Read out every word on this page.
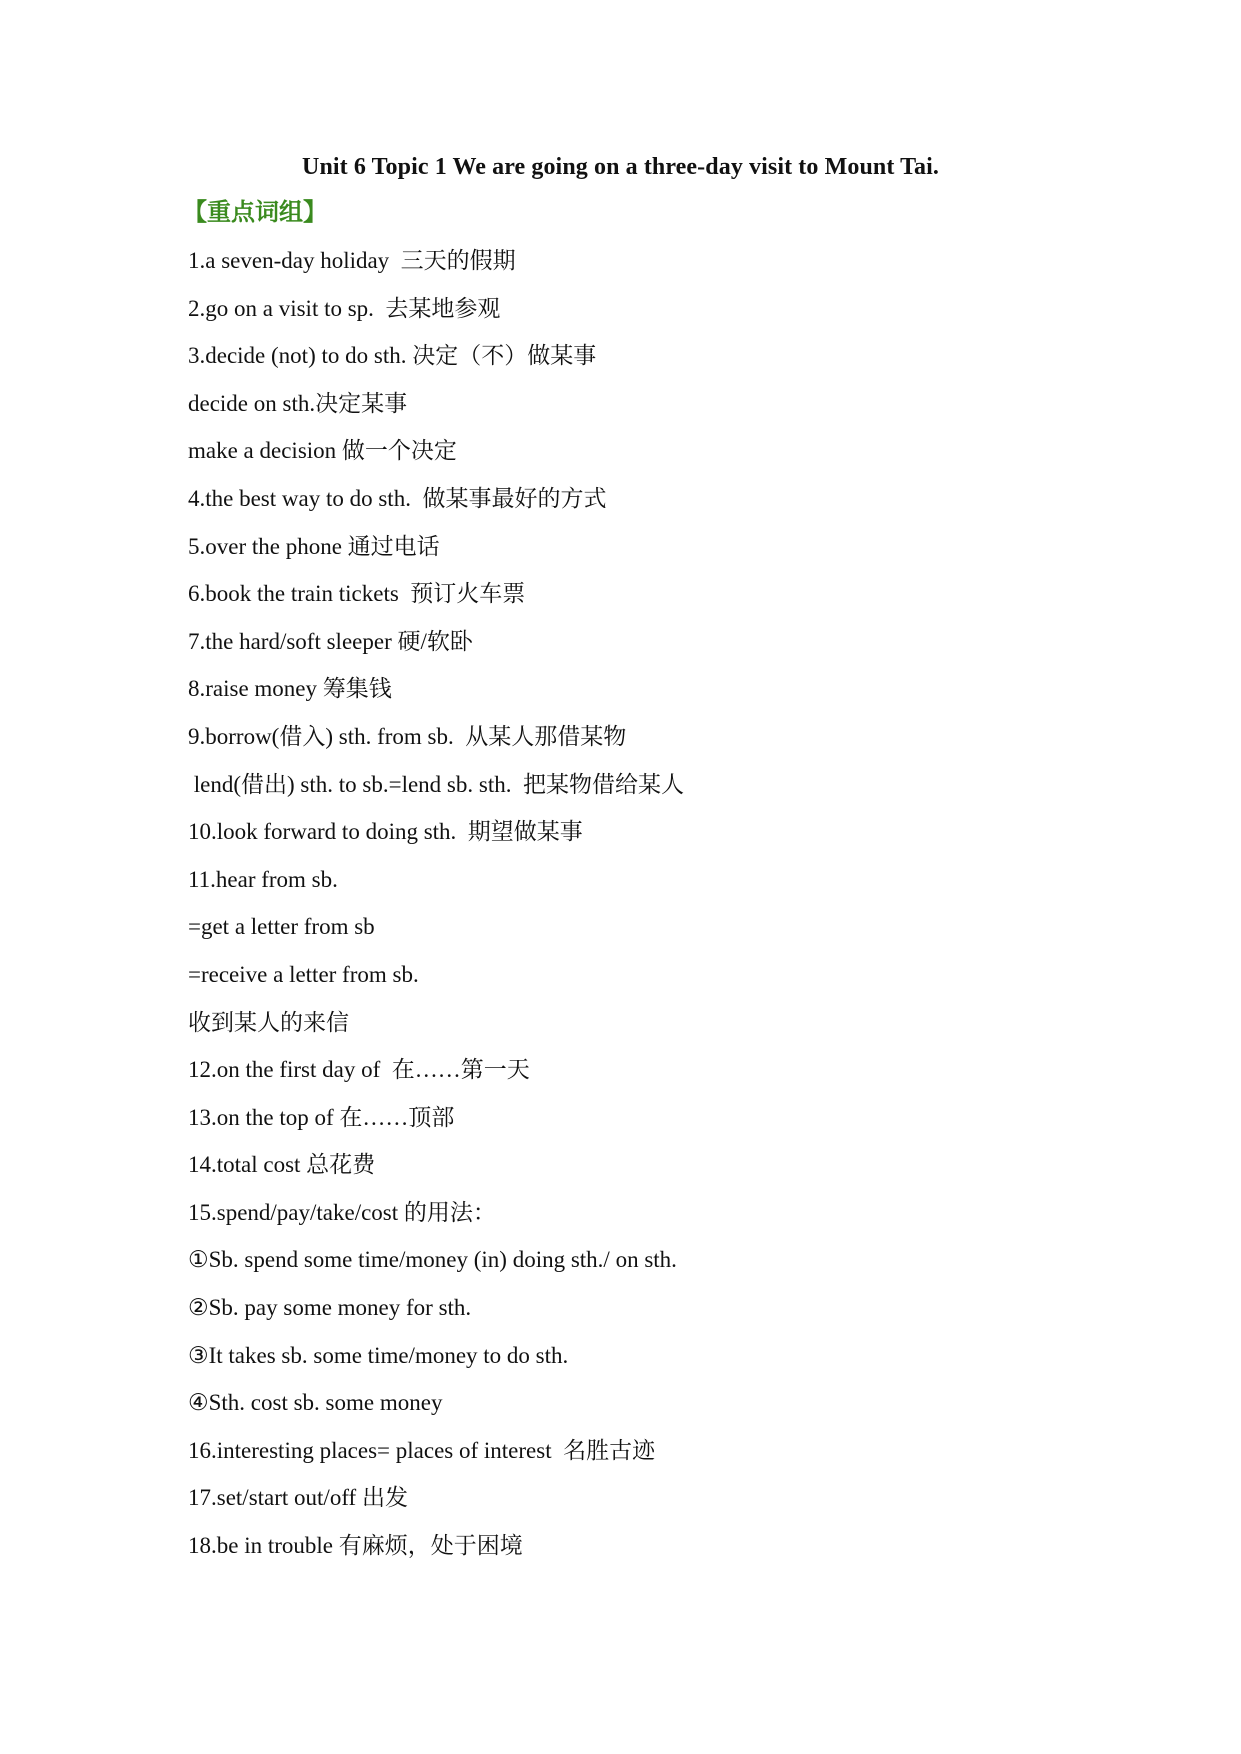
Unit 6 Topic 1 We are going on a three-day visit to Mount Tai.
【重点词组】
1.a seven-day holiday  三天的假期
2.go on a visit to sp.  去某地参观
3.decide (not) to do sth. 决定（不）做某事
decide on sth.决定某事
make a decision 做一个决定
4.the best way to do sth.  做某事最好的方式
5.over the phone 通过电话
6.book the train tickets  预订火车票
7.the hard/soft sleeper 硬/软卧
8.raise money 筹集钱
9.borrow(借入) sth. from sb.  从某人那借某物
lend(借出) sth. to sb.=lend sb. sth.  把某物借给某人
10.look forward to doing sth.  期望做某事
11.hear from sb.
=get a letter from sb
=receive a letter from sb.
收到某人的来信
12.on the first day of  在……第一天
13.on the top of 在……顶部
14.total cost 总花费
15.spend/pay/take/cost 的用法：
①Sb. spend some time/money (in) doing sth./ on sth.
②Sb. pay some money for sth.
③It takes sb. some time/money to do sth.
④Sth. cost sb. some money
16.interesting places= places of interest  名胜古迹
17.set/start out/off 出发
18.be in trouble 有麻烦，处于困境
